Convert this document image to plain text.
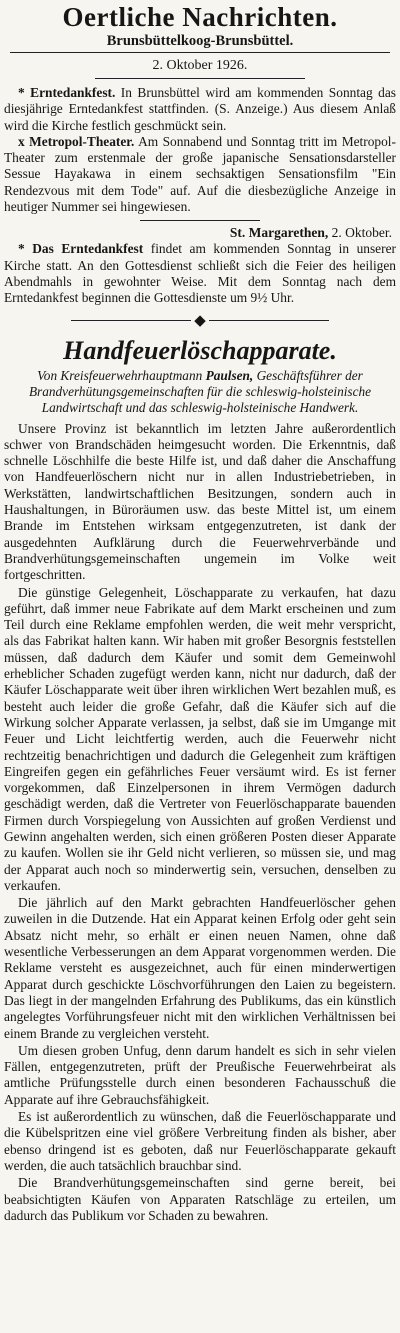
Oertliche Nachrichten.
Brunsbüttelkoog-Brunsbüttel.
2. Oktober 1926.

* Erntedankfest. In Brunsbüttel wird am kommenden Sonntag das diesjährige Erntedankfest stattfinden. (S. Anzeige.) Aus diesem Anlaß wird die Kirche festlich geschmückt sein.

x Metropol-Theater. Am Sonnabend und Sonntag tritt im Metropol-Theater zum erstenmale der große japanische Sensationsdarsteller Sessue Hayakawa in einem sechsaktigen Sensationsfilm "Ein Rendezvous mit dem Tode" auf. Auf die diesbezügliche Anzeige in heutiger Nummer sei hingewiesen.

St. Margarethen, 2. Oktober.

* Das Erntedankfest findet am kommenden Sonntag in unserer Kirche statt. An den Gottesdienst schließt sich die Feier des heiligen Abendmahls in gewohnter Weise. Mit dem Sonntag nach dem Erntedankfest beginnen die Gottesdienste um 9½ Uhr.

◆
Handfeuerlöschapparate.
Von Kreisfeuerwehrhauptmann Paulsen, Geschäftsführer der Brandverhütungsgemeinschaften für die schleswig-holsteinische Landwirtschaft und das schleswig-holsteinische Handwerk.

Unsere Provinz ist bekanntlich im letzten Jahre außerordentlich schwer von Brandschäden heimgesucht worden. Die Erkenntnis, daß schnelle Löschhilfe die beste Hilfe ist, und daß daher die Anschaffung von Handfeuerlöschern nicht nur in allen Industriebetrieben, in Werkstätten, landwirtschaftlichen Besitzungen, sondern auch in Haushaltungen, in Büroräumen usw. das beste Mittel ist, um einem Brande im Entstehen wirksam entgegenzutreten, ist dank der ausgedehnten Aufklärung durch die Feuerwehrverbände und Brandverhütungsgemeinschaften ungemein im Volke weit fortgeschritten.

Die günstige Gelegenheit, Löschapparate zu verkaufen, hat dazu geführt, daß immer neue Fabrikate auf dem Markt erscheinen und zum Teil durch eine Reklame empfohlen werden, die weit mehr verspricht, als das Fabrikat halten kann. Wir haben mit großer Besorgnis feststellen müssen, daß dadurch dem Käufer und somit dem Gemeinwohl erheblicher Schaden zugefügt werden kann, nicht nur dadurch, daß der Käufer Löschapparate weit über ihren wirklichen Wert bezahlen muß, es besteht auch leider die große Gefahr, daß die Käufer sich auf die Wirkung solcher Apparate verlassen, ja selbst, daß sie im Umgange mit Feuer und Licht leichtfertig werden, auch die Feuerwehr nicht rechtzeitig benachrichtigen und dadurch die Gelegenheit zum kräftigen Eingreifen gegen ein gefährliches Feuer versäumt wird. Es ist ferner vorgekommen, daß Einzelpersonen in ihrem Vermögen dadurch geschädigt werden, daß die Vertreter von Feuerlöschapparate bauenden Firmen durch Vorspiegelung von Aussichten auf großen Verdienst und Gewinn angehalten werden, sich einen größeren Posten dieser Apparate zu kaufen. Wollen sie ihr Geld nicht verlieren, so müssen sie, und mag der Apparat auch noch so minderwertig sein, versuchen, denselben zu verkaufen.

Die jährlich auf den Markt gebrachten Handfeuerlöscher gehen zuweilen in die Dutzende. Hat ein Apparat keinen Erfolg oder geht sein Absatz nicht mehr, so erhält er einen neuen Namen, ohne daß wesentliche Verbesserungen an dem Apparat vorgenommen werden. Die Reklame versteht es ausgezeichnet, auch für einen minderwertigen Apparat durch geschickte Löschvorführungen den Laien zu begeistern. Das liegt in der mangelnden Erfahrung des Publikums, das ein künstlich angelegtes Vorführungsfeuer nicht mit den wirklichen Verhältnissen bei einem Brande zu vergleichen versteht.

Um diesen groben Unfug, denn darum handelt es sich in sehr vielen Fällen, entgegenzutreten, prüft der Preußische Feuerwehrbeirat als amtliche Prüfungsstelle durch einen besonderen Fachausschuß die Apparate auf ihre Gebrauchsfähigkeit.

Es ist außerordentlich zu wünschen, daß die Feuerlöschapparate und die Kübelspritzen eine viel größere Verbreitung finden als bisher, aber ebenso dringend ist es geboten, daß nur Feuerlöschapparate gekauft werden, die auch tatsächlich brauchbar sind.

Die Brandverhütungsgemeinschaften sind gerne bereit, bei beabsichtigten Käufen von Apparaten Ratschläge zu erteilen, um dadurch das Publikum vor Schaden zu bewahren.
